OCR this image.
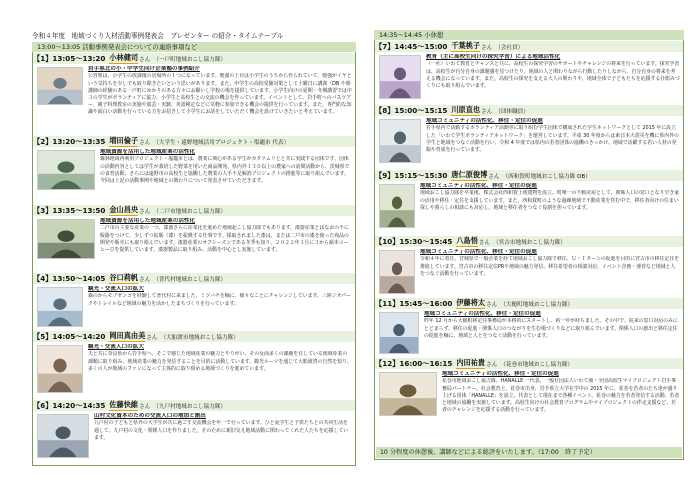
令和４年度　地域づくり人材活動事例発表会　プレゼンター の紹介・タイムテーブル
13:00～13:05 活動事例発表会についての連絡事項など
14:35～14:45 小休憩
【1】13:05～13:20 小林健司 さん （一戸町地域おこし協力隊）
岩手県北の小・中学生向け企業塾の事例紹介
公営塾は、小学生の放課後の居場所の１つになっています。勉強の土台は小学生のうちから作られていて、勉強がイヤという気持ちを少しでも取り除きたいという思いがあります。また、中学生の高校受験対策として土曜日に講義（DB や塾講師の経験のある一戸町にゆかりのある方々にお願いし学校の場を提供しています。小学生向けの夏期・冬期講習では中３の学生がボランティアに協力、小学生と高校生との交流の機会を作っています。イベントとして、岩手町へのバスツアー、親子料理教室の実施や演芸・実験、英語検定などに気軽に参加できる機会の提供を行っています。また、専門的な知識や面白い活動を行っている方をお招きして小学生にお話をしていただく機会を設けていきたいと考えています。
【2】13:20～13:35 増田倫子 さん （大学生・遠野地域活用プロジェクト・塩竈市 代表）
地域資源を活用した地域産業の活性化
森林地域再利用プロジェクト・塩竈市とは、農業に関心がある学生がカタツムリとと共に実践する団体です。団体の活動内容としては学生が栽培した野菜を用いた商品開発、県内外１３０以上の農家への訪問活動から、茨城県での食育活動、さらには遠野市の高校生と協働した農業の人手不足解消プロジェクトの推進等に取り組んでいます。今回は上記の活動事例や地域との関わりについて発表させていただきます。
【3】13:35～13:50 金山昌央 さん （二戸市地域おこし協力隊）
地域資源を活用した地域産業の活性化
二戸市の主要な産業の一つ、漆器さらに産業化を進めた地域起こし協力隊でもあります。漆器産業とはなおの不に販路をつけて、少しずつ拡販（漆）を振興する仕事です。採取されました漆は、または二戸市の漆を使った商品の開発や販売にも取り組んでいます。漆器産業のオフシーズンである冬季も知り、２０２２年３月に３から顔本コーヒー豆を提供しています。漆器製品に取り組み、活動を中心とし実施しています。
【4】13:50～14:05 谷口莉帆 さん （普代村地域おこし協力隊）
観光・交流人口の拡大
森のからモブゼンゴを経験して普代村に来ました。ミツバチを軸に、様々なことにチャレンジしています。三陸ジオパークやトレイルなど地域の魅力を活かしたまちづくりを行っています。
【5】14:05～14:20 岡田真由美 さん （大船渡市地域おこし協力隊）
観光・交流人口の拡大
夫と共に奈良県から岩手県へ。そこで感じた地域産業の魅力とやりがい、その反面多くの課題を有している地域産業の課題に取り組み、地域産業の魅力を発信することを目的に活動しています。観光ルーツを通じて大船渡湾の自然を知り、多くの人が地域のファンになって主体的に取り組める地域づくりを進めています。
【6】14:20～14:35 佐藤快維 さん （九戸村地域おこし協力隊）
山村文化資本のための交流人口の増加と創出
九戸村の子どもと県外の大学生が共に過ごす交流機会を年一で行っています。ひと夏学生と子供たちとの共同生活を通して、九戸村の文化・関係人口を作りました。そのために新旧交え地域活動に関わってくれた人たちを応援しています。
【7】14:45～15:00 千葉桃子 さん （会社員）
教育（主に高校生向けの探究学習）による地域活性化
（一社）いわて教育とチャンスと共に、高校生の探究学習のサポートやチャレンジの将来を行っています。探究学習は、高校生が自分自身の課題感を見つけたり、地域の人と関わりながら行動したりしながら、自分自身の将来を考える機会になっています。また、高校生の探究を支える大人の関わりや、地域全体で子どもたちを応援する仕組みづくりにも取り組んでいます。
【8】15:00～15:15 川原直也 さん （団体職員）
地域コミュニティの活性化、移住・定住の促進
若手県内で活動するボランティア活動等に取り組む学生団体で構成された学生ネットワークとして 2015 年に設立した「いわて学生ボランティアネットワーク」を運営しています。平成 30 年度からは東日本大震災を機に県内外の学生と地域をつなぐ活動を行い、令和 4 年度では県内の若者団体の協働のきっかけ、地域で活躍する若い人材の発掘や育成を行っています。
【9】15:15～15:30 唐仁原俊博 さん （西和賀町地域おこし協力隊 OB）
地域コミュニティの活性化、移住・定住の促進
地域おこし協力隊を卒業後、株式会社西和賀土地建物を設立。町唯一の不動産屋として、関係人口の窓口となり空き家の活用や移住・定住を支援しています。また、西和賀町のような過疎地域で不動産業を営む中で、移住者向けの住まい探しや暮らしの相談にも対応し、地域と移住者をつなぐ役割を担っています。
【10】15:30～15:45 八島悟 さん （宮古市地域おこし協力隊）
地域コミュニティの活性化、移住・定住の促進
令和４年に着任、宮城県で一般企業を経て地域おこし協力隊で移住、Ｕ・Ｉターンの促進を目的に宮古市の移住定住を推進しています。宮古市の移住定住PRや地域の魅力発信、移住希望者の相談対応、イベント企画・運営など地域と人をつなぐ活動を行っています。
【11】15:45～16:00 伊藤将太 さん （大槌町地域おこし協力隊）
地域コミュニティの活性化、移住・定住の促進
昨年 12 月から大槌町移定住事務局が本格的にスタートし、約一年が経ちました。その中で、従来の窓口対応のみにとどまらず、移住の促進・関係人口のつながりを生む場づくりなどに取り組んでいます。関係人口の創出と移住定住の促進を軸に、地域と人とをつなぐ活動を行っています。
【12】16:00～16:15 内田祐貴 さん （花巻市地域おこし協力隊）
地域コミュニティの活性化、移住・定住の促進
花巻市地域おこし協力隊、HANALLE 一代表。一般社団法人いわて圏・全国高校生マイプロジェクト岩手事務局パートナー。社会教育士。花巻市出身、岩手県立大学在学中の 2015 年に、花巻を若者のたち達が盛り上げる団体「HANALLE」を設立。代表として現在まで各種イベント、花巻の魅力を若者発信する活動、若者と地域の協働を実施しています。高校生向けの社会教育プログラムやマイプロジェクトの伴走支援など、若者のチャレンジを応援する活動を行っています。
10 分程度の休憩後、講師などによる総評をいたします。（17:00　終了予定）
